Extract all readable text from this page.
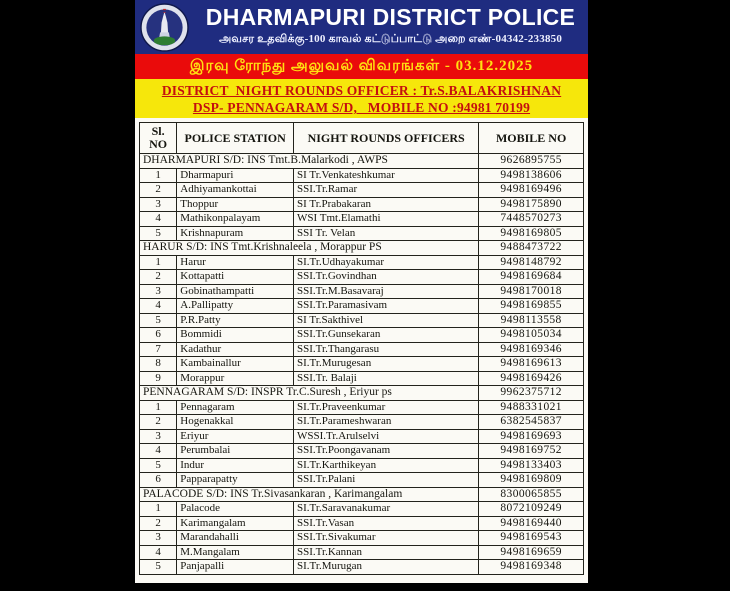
DHARMAPURI DISTRICT POLICE
அவசர உதவிக்கு-100 காவல் கட்டுப்பாட்டு அறை எண்-04342-233850
இரவு ரோந்து அலுவல் விவரங்கள் - 03.12.2025
DISTRICT  NIGHT ROUNDS OFFICER : Tr.S.BALAKRISHNAN
DSP- PENNAGARAM S/D,   MOBILE NO :94981 70199
Sl. NO	POLICE STATION	NIGHT ROUNDS OFFICERS	MOBILE NO
DHARMAPURI S/D: INS Tmt.B.Malarkodi , AWPS			9626895755
1	Dharmapuri	SI Tr.Venkateshkumar	9498138606
2	Adhiyamankottai	SSI.Tr.Ramar	9498169496
3	Thoppur	SI Tr.Prabakaran	9498175890
4	Mathikonpalayam	WSI Tmt.Elamathi	7448570273
5	Krishnapuram	SSI Tr. Velan	9498169805
HARUR S/D: INS Tmt.Krishnaleela , Morappur PS			9488473722
1	Harur	SI.Tr.Udhayakumar	9498148792
2	Kottapatti	SSI.Tr.Govindhan	9498169684
3	Gobinathampatti	SSI.Tr.M.Basavaraj	9498170018
4	A.Pallipatty	SSI.Tr.Paramasivam	9498169855
5	P.R.Patty	SI Tr.Sakthivel	9498113558
6	Bommidi	SSI.Tr.Gunsekaran	9498105034
7	Kadathur	SSI.Tr.Thangarasu	9498169346
8	Kambainallur	SI.Tr.Murugesan	9498169613
9	Morappur	SSI.Tr. Balaji	9498169426
PENNAGARAM S/D: INSPR Tr.C.Suresh , Eriyur ps			9962375712
1	Pennagaram	SI.Tr.Praveenkumar	9488331021
2	Hogenakkal	SI.Tr.Parameshwaran	6382545837
3	Eriyur	WSSI.Tr.Arulselvi	9498169693
4	Perumbalai	SSI.Tr.Poongavanam	9498169752
5	Indur	SI.Tr.Karthikeyan	9498133403
6	Papparapatty	SSI.Tr.Palani	9498169809
PALACODE S/D: INS Tr.Sivasankaran , Karimangalam			8300065855
1	Palacode	SI.Tr.Saravanakumar	8072109249
2	Karimangalam	SSI.Tr.Vasan	9498169440
3	Marandahalli	SSI.Tr.Sivakumar	9498169543
4	M.Mangalam	SSI.Tr.Kannan	9498169659
5	Panjapalli	SI.Tr.Murugan	9498169348
